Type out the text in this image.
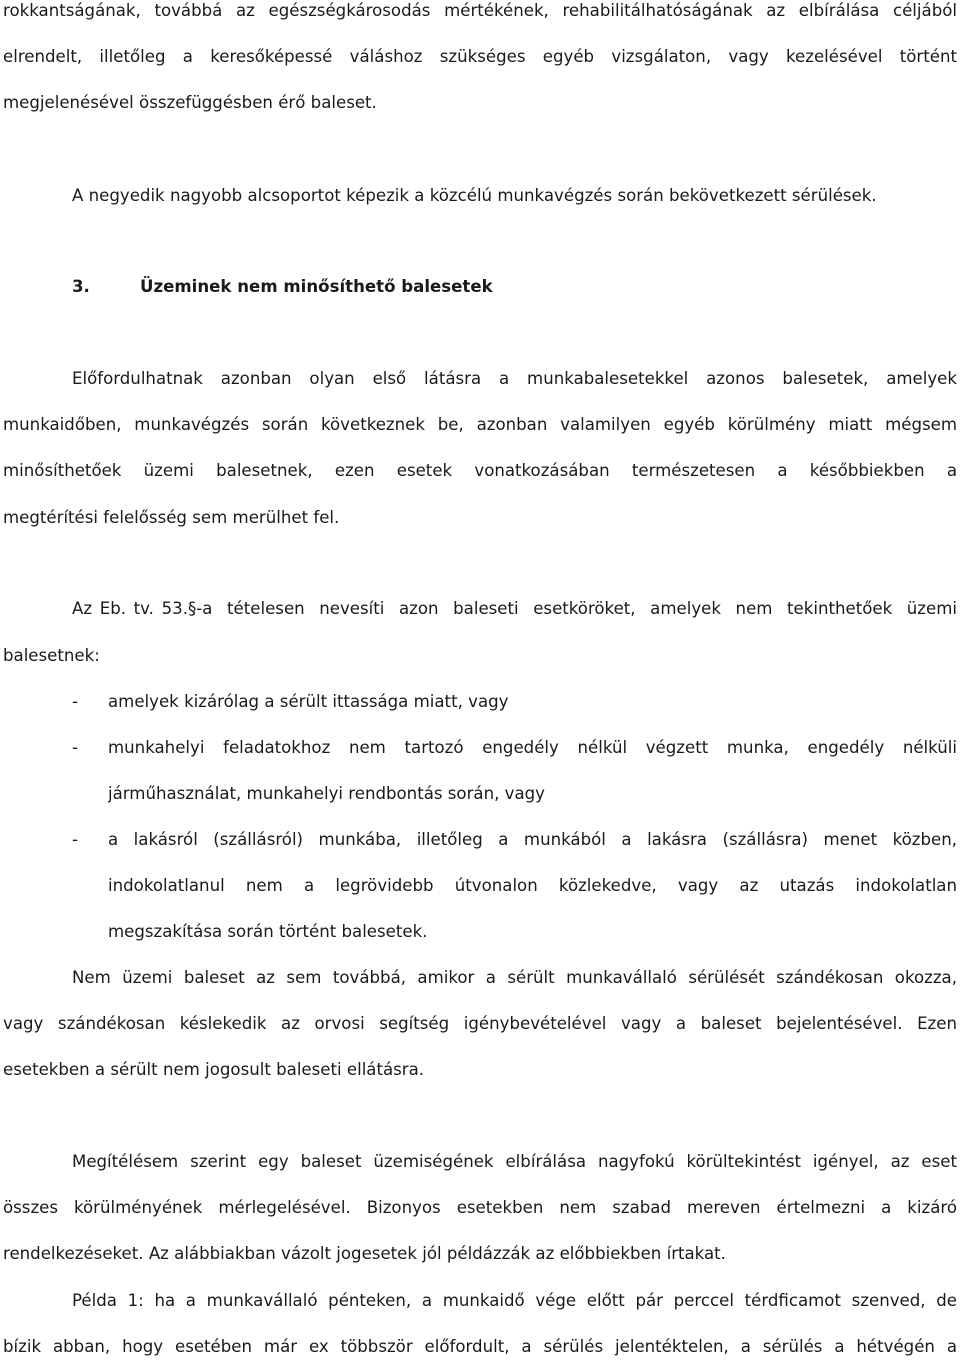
rokkantságának, továbbá az egészségkárosodás mértékének, rehabilitálhatóságának az elbírálása céljából
elrendelt, illetőleg a keresőképessé váláshoz szükséges egyéb vizsgálaton, vagy kezelésével történt
megjelenésével összefüggésben érő baleset.
A negyedik nagyobb alcsoportot képezik a közcélú munkavégzés során bekövetkezett sérülések.
3.	Üzeminek nem minősíthető balesetek
Előfordulhatnak azonban olyan első látásra a munkabalesetekkel azonos balesetek, amelyek
munkaidőben, munkavégzés során következnek be, azonban valamilyen egyéb körülmény miatt mégsem
minősíthetőek üzemi balesetnek, ezen esetek vonatkozásában természetesen a későbbiekben a
megtérítési felelősség sem merülhet fel.
Az Eb. tv. 53.§-a tételesen nevesíti azon baleseti esetköröket, amelyek nem tekinthetőek üzemi
balesetnek:
- amelyek kizárólag a sérült ittassága miatt, vagy
- munkahelyi feladatokhoz nem tartozó engedély nélkül végzett munka, engedély nélküli
járműhasználat, munkahelyi rendbontás során, vagy
- a lakásról (szállásról) munkába, illetőleg a munkából a lakásra (szállásra) menet közben,
indokolatlanul nem a legrövidebb útvonalon közlekedve, vagy az utazás indokolatlan
megszakítása során történt balesetek.
Nem üzemi baleset az sem továbbá, amikor a sérült munkavállaló sérülését szándékosan okozza,
vagy szándékosan késlekedik az orvosi segítség igénybevételével vagy a baleset bejelentésével. Ezen
esetekben a sérült nem jogosult baleseti ellátásra.
Megítélésem szerint egy baleset üzemiségének elbírálása nagyfokú körültekintést igényel, az eset
összes körülményének mérlegelésével. Bizonyos esetekben nem szabad mereven értelmezni a kizáró
rendelkezéseket. Az alábbiakban vázolt jogesetek jól példázzák az előbbiekben írtakat.
Példa 1: ha a munkavállaló pénteken, a munkaidő vége előtt pár perccel térdficamot szenved, de
bízik abban, hogy esetében már ex többször előfordult, a sérülés jelentéktelen, a sérülés a hétvégén a
